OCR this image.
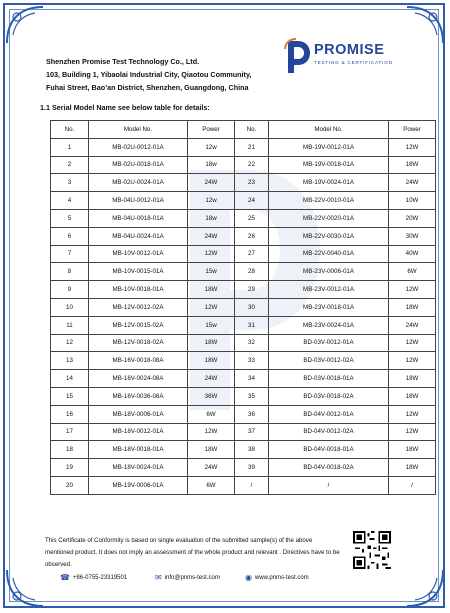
Shenzhen Promise Test Technology Co., Ltd.
103, Building 1, Yibaolai Industrial City, Qiaotou Community,
Fuhai Street, Bao’an District, Shenzhen, Guangdong, China
PROMISE
TESTING & CERTIFICATION
1.1 Serial Model Name see below table for details:
No.	Model No.	Power	No.	Model No.	Power
1	MB-02U-0012-01A	12w	21	MB-19V-0012-01A	12W
2	MB-02U-0018-01A	18w	22	MB-19V-0018-01A	18W
3	MB-02U-0024-01A	24W	23	MB-19V-0024-01A	24W
4	MB-04U-0012-01A	12w	24	MB-22V-0010-01A	10W
5	MB-04U-0018-01A	18w	25	MB-22V-0020-01A	20W
6	MB-04U-0024-01A	24W	26	MB-22V-0030-01A	30W
7	MB-10V-0012-01A	12W	27	MB-22V-0040-01A	40W
8	MB-10V-0015-01A	15w	28	MB-23V-0006-01A	6W
9	MB-10V-0018-01A	18W	29	MB-23V-0012-01A	12W
10	MB-12V-0012-02A	12W	30	MB-23V-0018-01A	18W
11	MB-12V-0015-02A	15w	31	MB-23V-0024-01A	24W
12	MB-12V-0018-02A	18W	32	BD-03V-0012-01A	12W
13	MB-16V-0018-08A	18W	33	BD-03V-0012-02A	12W
14	MB-16V-0024-08A	24W	34	BD-03V-0018-01A	18W
15	MB-16V-0036-08A	36W	35	BD-03V-0018-02A	18W
16	MB-18V-0006-01A	6W	36	BD-04V-0012-01A	12W
17	MB-18V-0012-01A	12W	37	BD-04V-0012-02A	12W
18	MB-18V-0018-01A	18W	38	BD-04V-0018-01A	18W
19	MB-18V-0024-01A	24W	39	BD-04V-0018-02A	18W
20	MB-19V-0006-01A	6W	/	/	/
This Certificate of Conformity is based on single evaluation of the submitted sample(s) of the above mentioned product. It does not imply an assessment of the whole product and relevant . Directives have to be observed.
☎ +86-0755-23319501	✉ info@pnms-test.com	◉ www.pnms-test.com
